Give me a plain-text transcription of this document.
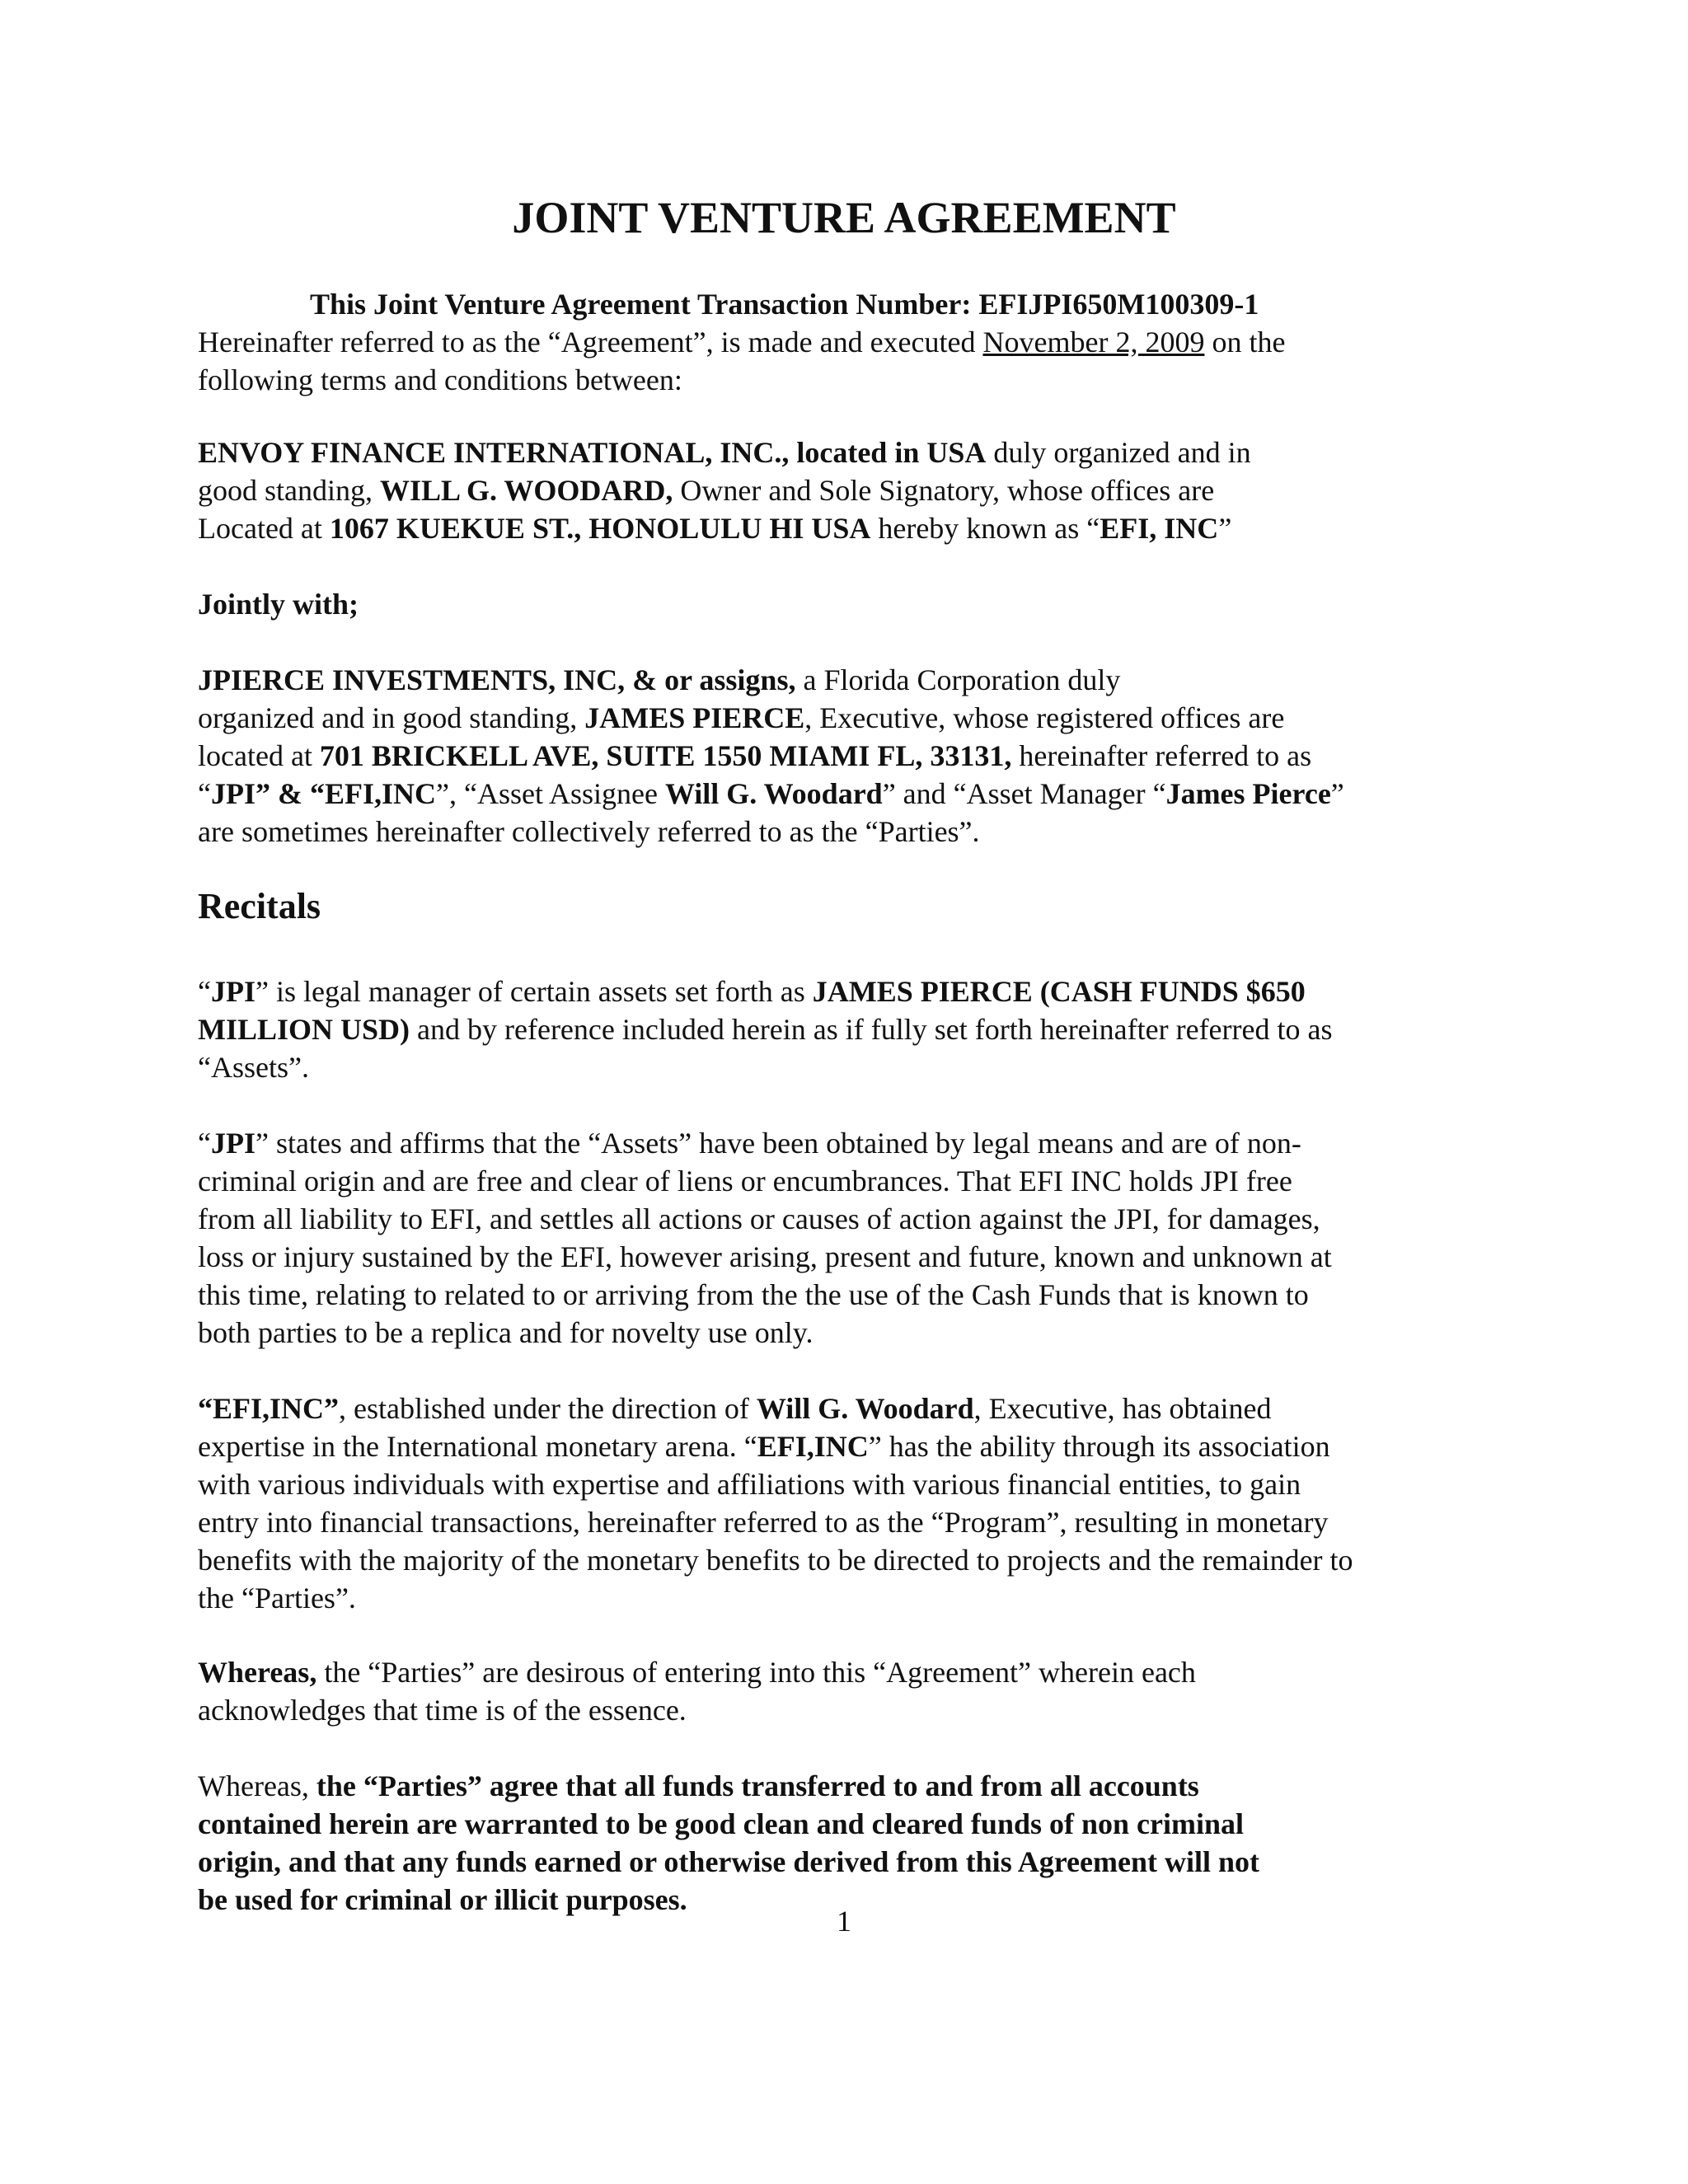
JOINT VENTURE AGREEMENT
This Joint Venture Agreement Transaction Number: EFIJPI650M100309-1
Hereinafter referred to as the “Agreement”, is made and executed November 2, 2009 on the
following terms and conditions between:
ENVOY FINANCE INTERNATIONAL, INC., located in USA duly organized and in
good standing, WILL G. WOODARD, Owner and Sole Signatory, whose offices are
Located at 1067 KUEKUE ST., HONOLULU HI USA hereby known as “EFI, INC”
Jointly with;
JPIERCE INVESTMENTS, INC, & or assigns, a Florida Corporation duly
organized and in good standing, JAMES PIERCE, Executive, whose registered offices are
located at 701 BRICKELL AVE, SUITE 1550 MIAMI FL, 33131, hereinafter referred to as
“JPI” & “EFI,INC”, “Asset Assignee Will G. Woodard” and “Asset Manager “James Pierce”
are sometimes hereinafter collectively referred to as the “Parties”.
Recitals
“JPI” is legal manager of certain assets set forth as JAMES PIERCE (CASH FUNDS $650
MILLION USD) and by reference included herein as if fully set forth hereinafter referred to as
“Assets”.
“JPI” states and affirms that the “Assets” have been obtained by legal means and are of non-
criminal origin and are free and clear of liens or encumbrances. That EFI INC holds JPI free
from all liability to EFI, and settles all actions or causes of action against the JPI, for damages,
loss or injury sustained by the EFI, however arising, present and future, known and unknown at
this time, relating to related to or arriving from the the use of the Cash Funds that is known to
both parties to be a replica and for novelty use only.
“EFI,INC”, established under the direction of Will G. Woodard, Executive, has obtained
expertise in the International monetary arena. “EFI,INC” has the ability through its association
with various individuals with expertise and affiliations with various financial entities, to gain
entry into financial transactions, hereinafter referred to as the “Program”, resulting in monetary
benefits with the majority of the monetary benefits to be directed to projects and the remainder to
the “Parties”.
Whereas, the “Parties” are desirous of entering into this “Agreement” wherein each
acknowledges that time is of the essence.
Whereas, the “Parties” agree that all funds transferred to and from all accounts
contained herein are warranted to be good clean and cleared funds of non criminal
origin, and that any funds earned or otherwise derived from this Agreement will not
be used for criminal or illicit purposes.
1
